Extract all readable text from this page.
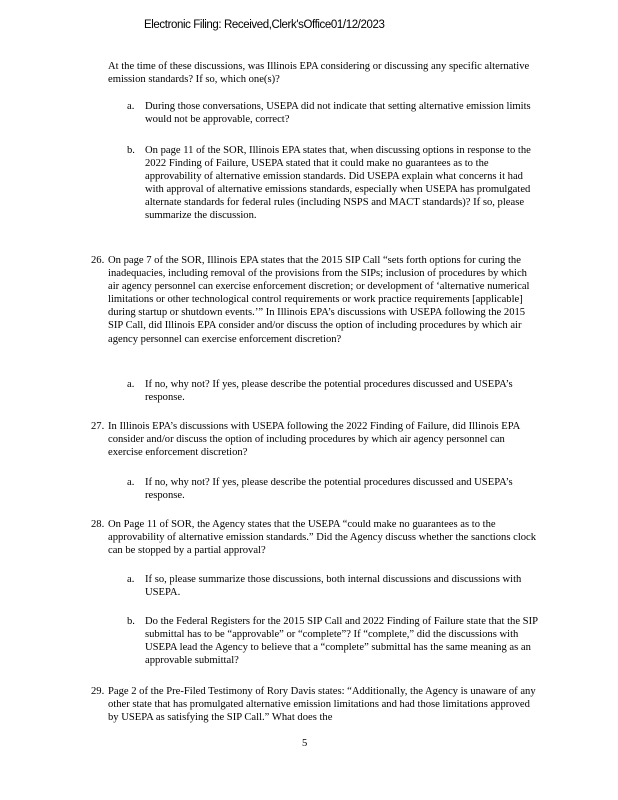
Electronic Filing: Received,Clerk'sOffice01/12/2023

At the time of these discussions, was Illinois EPA considering or discussing any specific alternative emission standards? If so, which one(s)?

a. During those conversations, USEPA did not indicate that setting alternative emission limits would not be approvable, correct?

b. On page 11 of the SOR, Illinois EPA states that, when discussing options in response to the 2022 Finding of Failure, USEPA stated that it could make no guarantees as to the approvability of alternative emission standards. Did USEPA explain what concerns it had with approval of alternative emissions standards, especially when USEPA has promulgated alternate standards for federal rules (including NSPS and MACT standards)? If so, please summarize the discussion.

26. On page 7 of the SOR, Illinois EPA states that the 2015 SIP Call “sets forth options for curing the inadequacies, including removal of the provisions from the SIPs; inclusion of procedures by which air agency personnel can exercise enforcement discretion; or development of ‘alternative numerical limitations or other technological control requirements or work practice requirements [applicable] during startup or shutdown events.’” In Illinois EPA’s discussions with USEPA following the 2015 SIP Call, did Illinois EPA consider and/or discuss the option of including procedures by which air agency personnel can exercise enforcement discretion?

a. If no, why not? If yes, please describe the potential procedures discussed and USEPA’s response.

27. In Illinois EPA’s discussions with USEPA following the 2022 Finding of Failure, did Illinois EPA consider and/or discuss the option of including procedures by which air agency personnel can exercise enforcement discretion?

a. If no, why not? If yes, please describe the potential procedures discussed and USEPA’s response.

28. On Page 11 of SOR, the Agency states that the USEPA “could make no guarantees as to the approvability of alternative emission standards.” Did the Agency discuss whether the sanctions clock can be stopped by a partial approval?

a. If so, please summarize those discussions, both internal discussions and discussions with USEPA.

b. Do the Federal Registers for the 2015 SIP Call and 2022 Finding of Failure state that the SIP submittal has to be “approvable” or “complete”? If “complete,” did the discussions with USEPA lead the Agency to believe that a “complete” submittal has the same meaning as an approvable submittal?

29. Page 2 of the Pre-Filed Testimony of Rory Davis states: “Additionally, the Agency is unaware of any other state that has promulgated alternative emission limitations and had those limitations approved by USEPA as satisfying the SIP Call.” What does the

5
